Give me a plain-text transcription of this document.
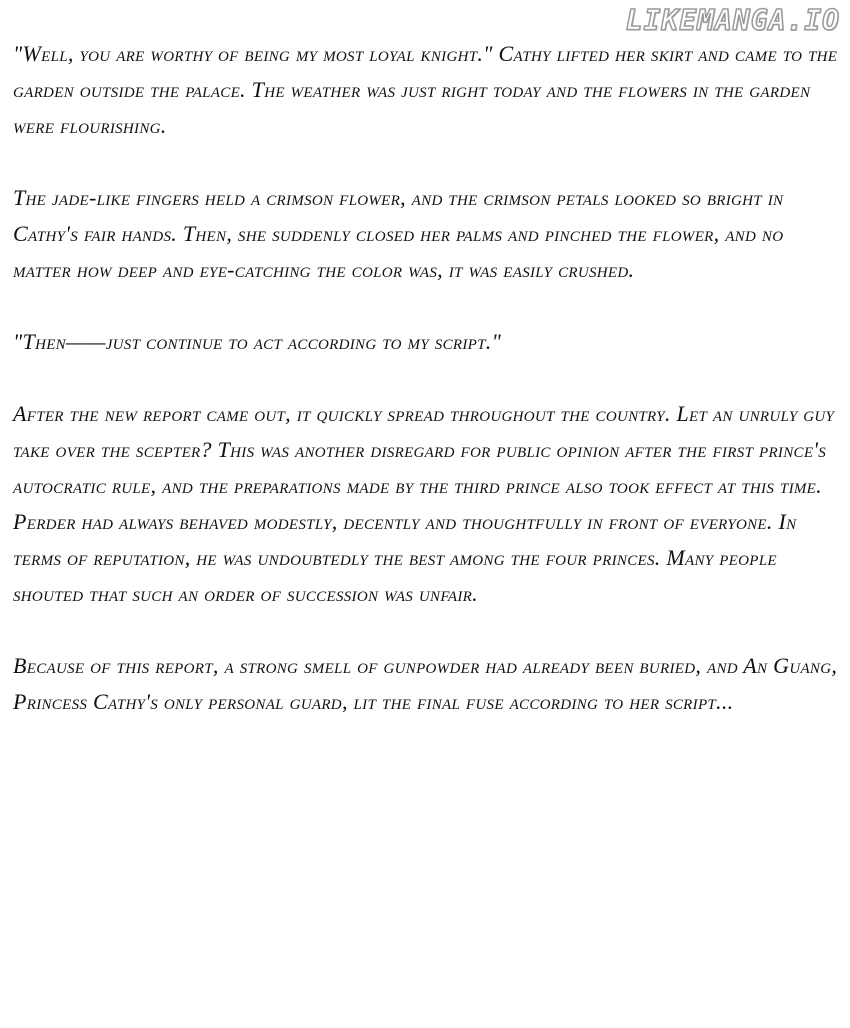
LIKEMANGA.IO

"Well, you are worthy of being my most loyal knight." Cathy lifted her skirt and came to the garden outside the palace. The weather was just right today and the flowers in the garden were flourishing.

The jade-like fingers held a crimson flower, and the crimson petals looked so bright in Cathy's fair hands. Then, she suddenly closed her palms and pinched the flower, and no matter how deep and eye-catching the color was, it was easily crushed.

"Then——just continue to act according to my script."

After the new report came out, it quickly spread throughout the country. Let an unruly guy take over the scepter? This was another disregard for public opinion after the first prince's autocratic rule, and the preparations made by the third prince also took effect at this time. Perder had always behaved modestly, decently and thoughtfully in front of everyone. In terms of reputation, he was undoubtedly the best among the four princes. Many people shouted that such an order of succession was unfair.

Because of this report, a strong smell of gunpowder had already been buried, and An Guang, Princess Cathy's only personal guard, lit the final fuse according to her script...
